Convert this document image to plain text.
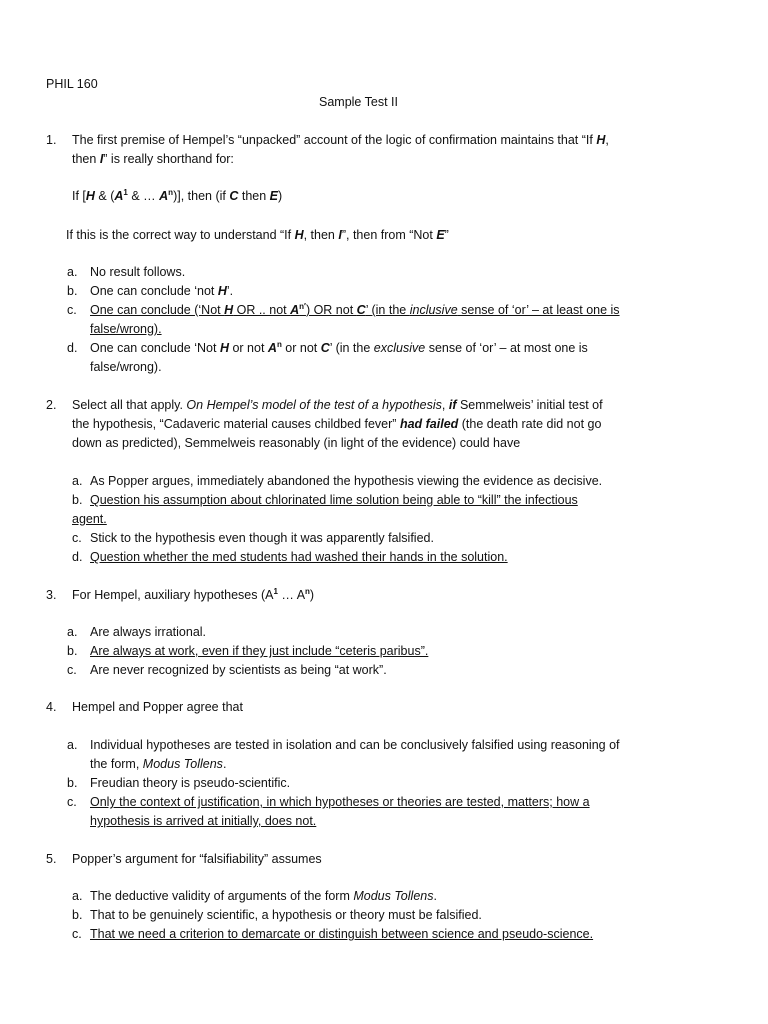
PHIL 160
Sample Test II
1. The first premise of Hempel’s “unpacked” account of the logic of confirmation maintains that “If H,
then I” is really shorthand for:
If [H & ($A^1$ & … $A^n$)], then (if C then E)
If this is the correct way to understand “If H, then I”, then from “Not E”
a. No result follows.
b. One can conclude ‘not H’.
c. One can conclude (‘Not H OR .. not $A^{n'}$) OR not C’ (in the inclusive sense of ‘or’ – at least one is
false/wrong).
d. One can conclude ‘Not H or not $A^n$ or not C’ (in the exclusive sense of ‘or’ – at most one is
false/wrong).
2. Select all that apply. On Hempel’s model of the test of a hypothesis, if Semmelweis’ initial test of
the hypothesis, “Cadaveric material causes childbed fever” had failed (the death rate did not go
down as predicted), Semmelweis reasonably (in light of the evidence) could have
a. As Popper argues, immediately abandoned the hypothesis viewing the evidence as decisive.
b. Question his assumption about chlorinated lime solution being able to “kill” the infectious
agent.
c. Stick to the hypothesis even though it was apparently falsified.
d. Question whether the med students had washed their hands in the solution.
3. For Hempel, auxiliary hypotheses ($A^1$ … $A^n$)
a. Are always irrational.
b. Are always at work, even if they just include “ceteris paribus”.
c. Are never recognized by scientists as being “at work”.
4. Hempel and Popper agree that
a. Individual hypotheses are tested in isolation and can be conclusively falsified using reasoning of
the form, Modus Tollens.
b. Freudian theory is pseudo-scientific.
c. Only the context of justification, in which hypotheses or theories are tested, matters; how a
hypothesis is arrived at initially, does not.
5. Popper’s argument for “falsifiability” assumes
a. The deductive validity of arguments of the form Modus Tollens.
b. That to be genuinely scientific, a hypothesis or theory must be falsified.
c. That we need a criterion to demarcate or distinguish between science and pseudo-science.
